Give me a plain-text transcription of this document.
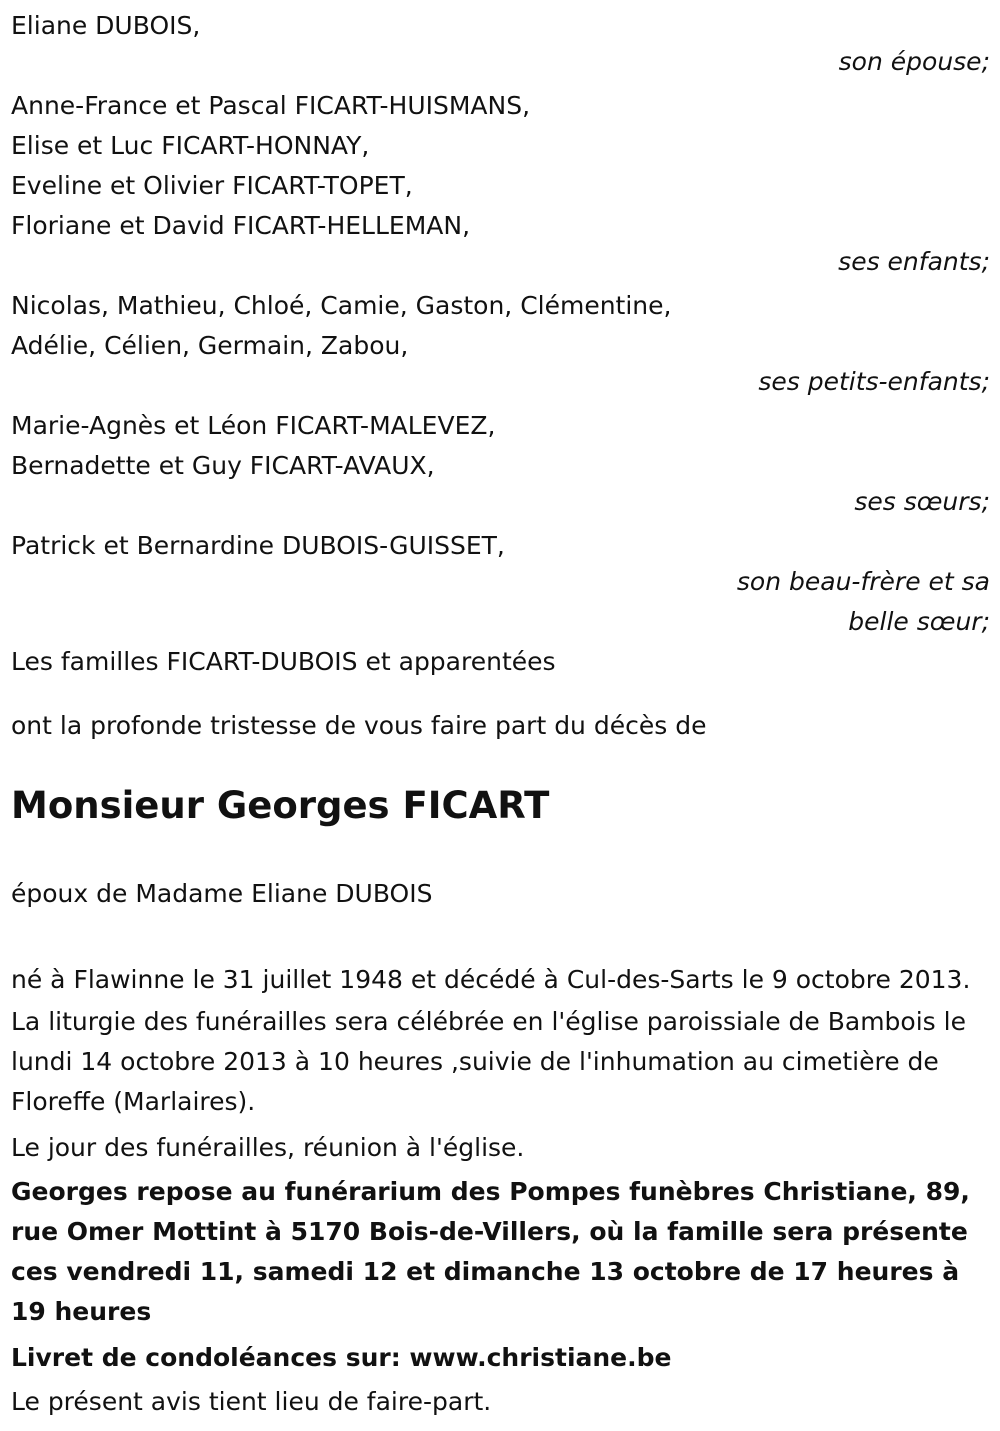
Eliane DUBOIS,
son épouse;
Anne-France et Pascal FICART-HUISMANS,
Elise et Luc FICART-HONNAY,
Eveline et Olivier FICART-TOPET,
Floriane et David FICART-HELLEMAN,
ses enfants;
Nicolas, Mathieu, Chloé, Camie, Gaston, Clémentine,
Adélie, Célien, Germain, Zabou,
ses petits-enfants;
Marie-Agnès et Léon FICART-MALEVEZ,
Bernadette et Guy FICART-AVAUX,
ses sœurs;
Patrick et Bernardine DUBOIS-GUISSET,
son beau-frère et sa
belle sœur;
Les familles FICART-DUBOIS et apparentées
ont la profonde tristesse de vous faire part du décès de
Monsieur Georges FICART
époux de Madame Eliane DUBOIS
né à Flawinne le 31 juillet 1948 et décédé à Cul-des-Sarts le 9 octobre 2013.
La liturgie des funérailles sera célébrée en l'église paroissiale de Bambois le lundi 14 octobre 2013 à 10 heures ,suivie de l'inhumation au cimetière de Floreffe (Marlaires).
Le jour des funérailles, réunion à l'église.
Georges repose au funérarium des Pompes funèbres Christiane, 89, rue Omer Mottint à 5170 Bois-de-Villers, où la famille sera présente ces vendredi 11, samedi 12 et dimanche 13 octobre de 17 heures à 19 heures
Livret de condoléances sur: www.christiane.be
Le présent avis tient lieu de faire-part.
